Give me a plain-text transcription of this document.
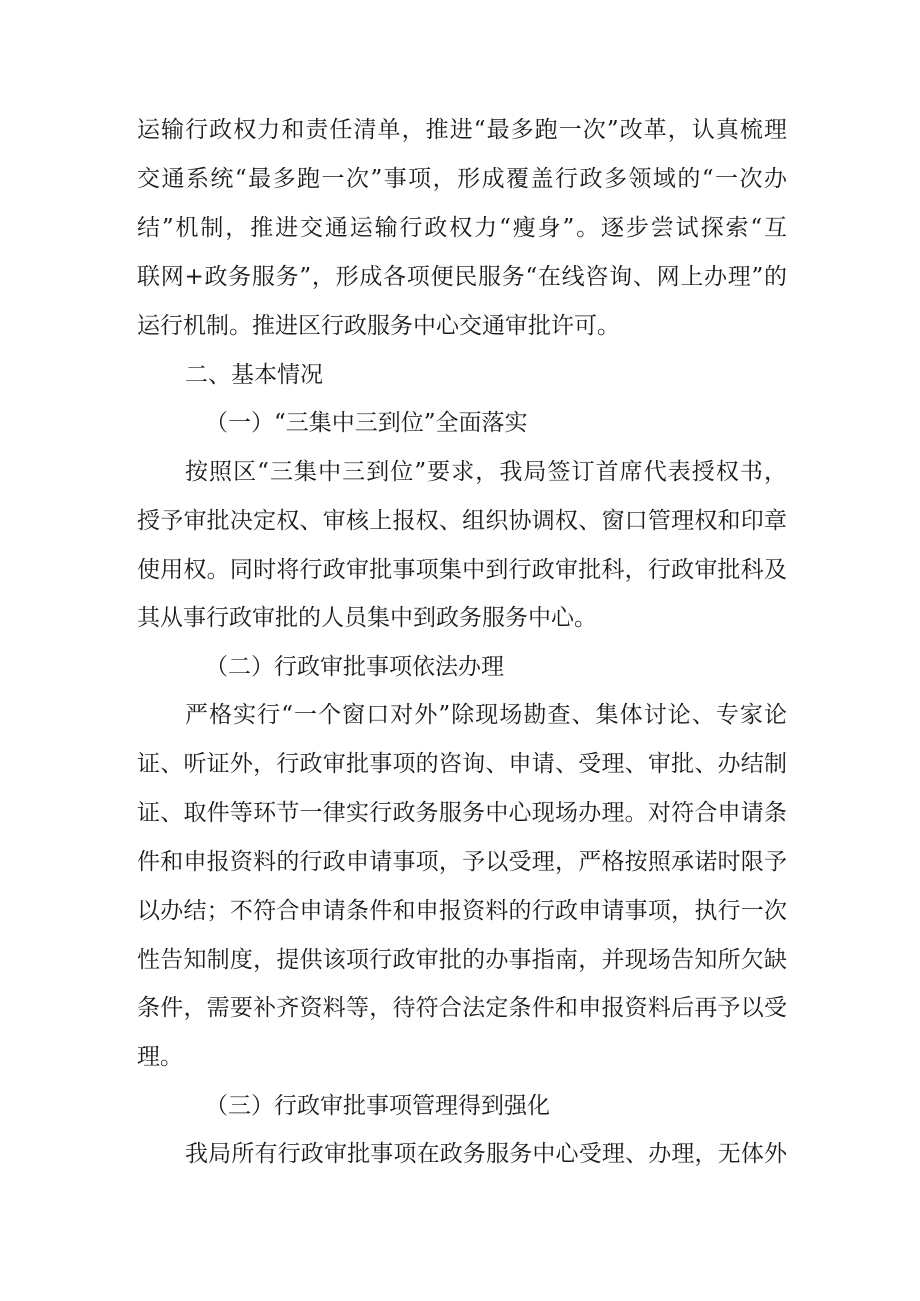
运输行政权力和责任清单，推进“最多跑一次”改革，认真梳理
交通系统“最多跑一次”事项，形成覆盖行政多领域的“一次办
结”机制，推进交通运输行政权力“瘦身”。逐步尝试探索“互
联网+政务服务”，形成各项便民服务“在线咨询、网上办理”的
运行机制。推进区行政服务中心交通审批许可。
二、基本情况
（一）“三集中三到位”全面落实
按照区“三集中三到位”要求，我局签订首席代表授权书，
授予审批决定权、审核上报权、组织协调权、窗口管理权和印章
使用权。同时将行政审批事项集中到行政审批科，行政审批科及
其从事行政审批的人员集中到政务服务中心。
（二）行政审批事项依法办理
严格实行“一个窗口对外”除现场勘查、集体讨论、专家论
证、听证外，行政审批事项的咨询、申请、受理、审批、办结制
证、取件等环节一律实行政务服务中心现场办理。对符合申请条
件和申报资料的行政申请事项，予以受理，严格按照承诺时限予
以办结；不符合申请条件和申报资料的行政申请事项，执行一次
性告知制度，提供该项行政审批的办事指南，并现场告知所欠缺
条件，需要补齐资料等，待符合法定条件和申报资料后再予以受
理。
（三）行政审批事项管理得到强化
我局所有行政审批事项在政务服务中心受理、办理，无体外
